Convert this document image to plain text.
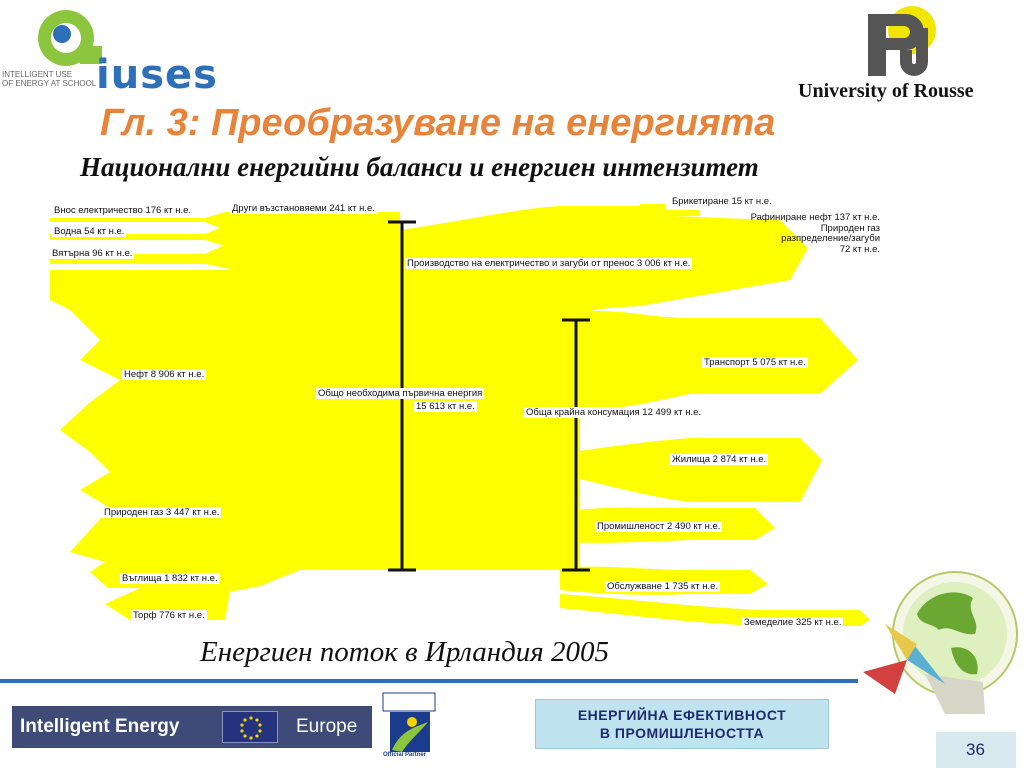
INTELLIGENT USE
OF ENERGY AT SCHOOL iuses	University of Rousse
Гл. 3: Преобразуване на енергията
Национални енергийни баланси и енергиен интензитет
Внос електричество 176 кт н.е.	Други възстановяеми 241 кт н.е.
Водна 54 кт н.е.
Вятърна 96 кт н.е.
Нефт 8 906 кт н.е.
Природен газ 3 447 кт н.е.
Въглища 1 832 кт н.е.
Торф 776 кт н.е.
Общо необходима първична енергия
15 613 кт н.е.
Производство на електричество и загуби от пренос 3 006 кт н.е.
Брикетиране 15 кт н.е.
Рафиниране нефт 137 кт н.е.
Природен газ
разпределение/загуби
72 кт н.е.
Обща крайна консумация 12 499 кт н.е.
Транспорт 5 075 кт н.е.
Жилища 2 874 кт н.е.
Промишленост 2 490 кт н.е.
Обслужване 1 735 кт н.е.
Земеделие 325 кт н.е.
Енергиен поток в Ирландия 2005
Intelligent Energy	Europe
Official Partner
ЕНЕРГИЙНА ЕФЕКТИВНОСТ
В ПРОМИШЛЕНОСТТА
36
